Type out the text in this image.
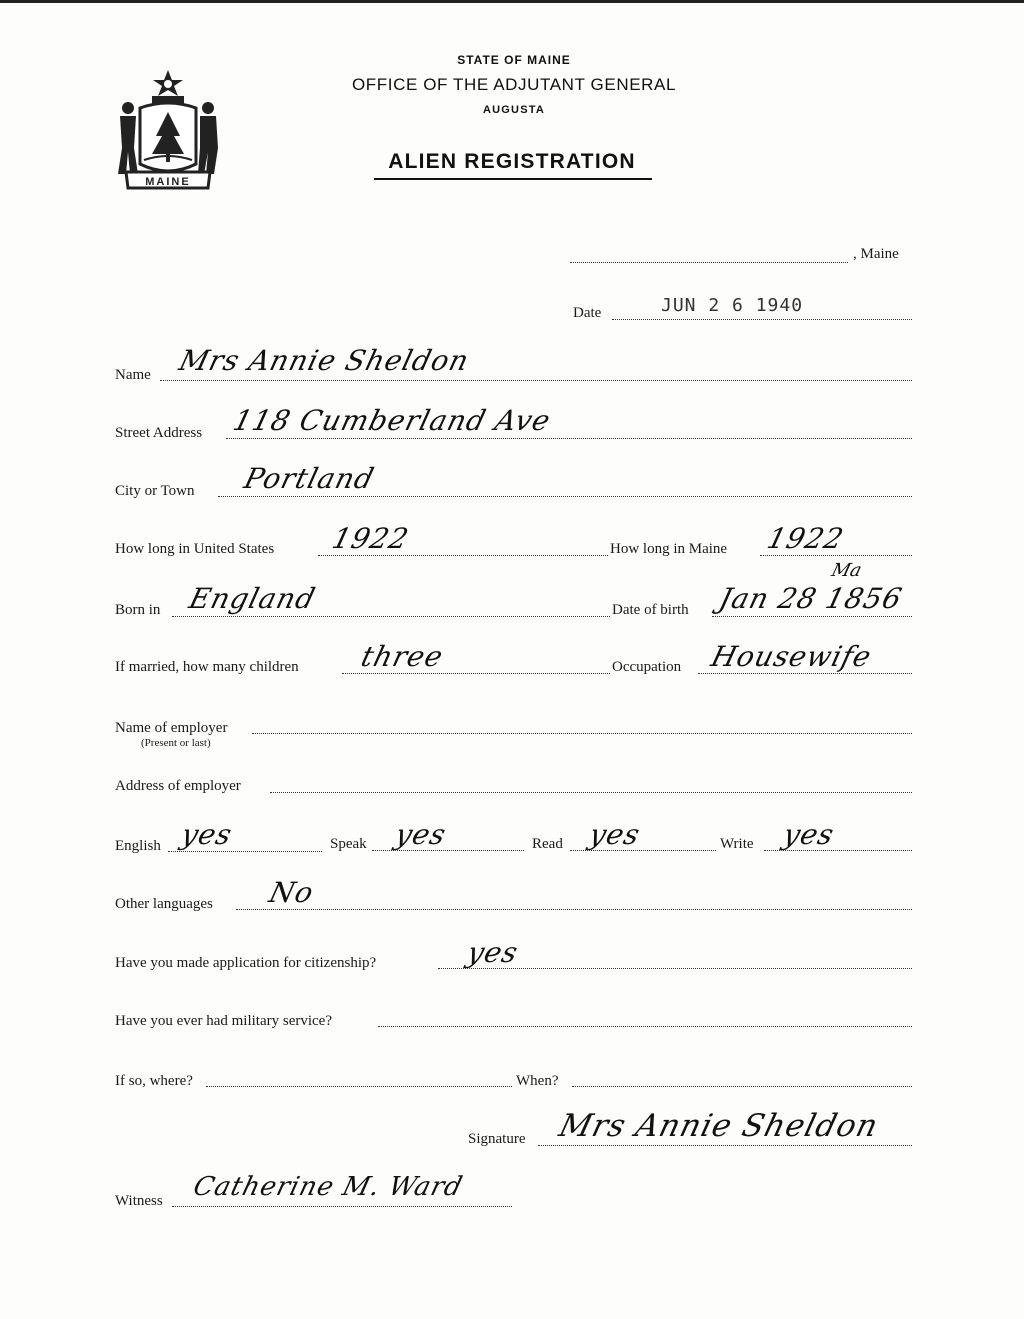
MAINE
STATE OF MAINE
OFFICE OF THE ADJUTANT GENERAL
AUGUSTA
ALIEN REGISTRATION
, Maine
Date	JUN 2 6 1940
Name Mrs Annie Sheldon
Street Address 118 Cumberland Ave
City or Town Portland
How long in United States 1922	How long in Maine 1922
Ma
Born in England	Date of birth Jan 28 1856
If married, how many children three	Occupation Housewife
Name of employer
(Present or last)
Address of employer
English yes	Speak yes	Read yes	Write yes
Other languages No
Have you made application for citizenship?	yes
Have you ever had military service?
If so, where?	When?
Signature Mrs Annie Sheldon
Witness Catherine M. Ward
